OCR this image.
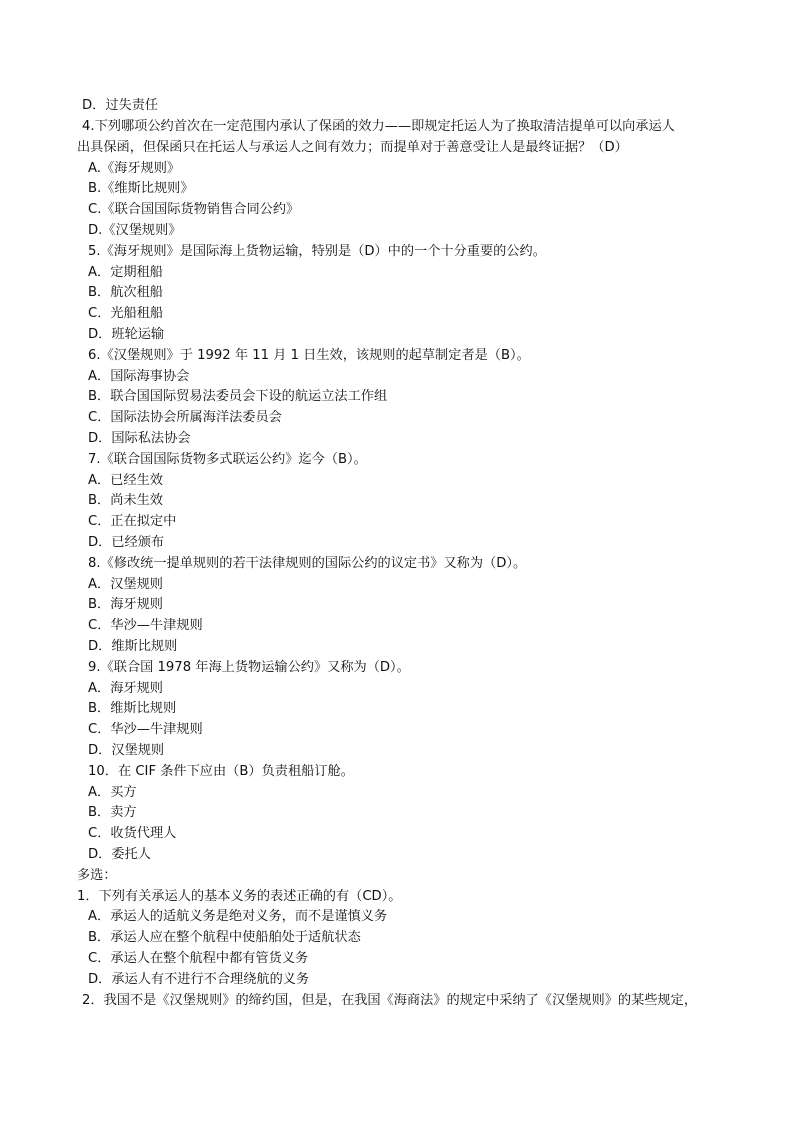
D．过失责任
4.下列哪项公约首次在一定范围内承认了保函的效力——即规定托运人为了换取清洁提单可以向承运人
出具保函，但保函只在托运人与承运人之间有效力；而提单对于善意受让人是最终证据？（D）
A.《海牙规则》
B.《维斯比规则》
C.《联合国国际货物销售合同公约》
D.《汉堡规则》
5.《海牙规则》是国际海上货物运输，特别是（D）中的一个十分重要的公约。
A．定期租船
B．航次租船
C．光船租船
D．班轮运输
6.《汉堡规则》于 1992 年 11 月 1 日生效，该规则的起草制定者是（B）。
A．国际海事协会
B．联合国国际贸易法委员会下设的航运立法工作组
C．国际法协会所属海洋法委员会
D．国际私法协会
7.《联合国国际货物多式联运公约》迄今（B）。
A．已经生效
B．尚未生效
C．正在拟定中
D．已经颁布
8.《修改统一提单规则的若干法律规则的国际公约的议定书》又称为（D）。
A．汉堡规则
B．海牙规则
C．华沙—牛津规则
D．维斯比规则
9.《联合国 1978 年海上货物运输公约》又称为（D）。
A．海牙规则
B．维斯比规则
C．华沙—牛津规则
D．汉堡规则
10．在 CIF 条件下应由（B）负责租船订舱。
A．买方
B．卖方
C．收货代理人
D．委托人
多选：
1．下列有关承运人的基本义务的表述正确的有（CD）。
A．承运人的适航义务是绝对义务，而不是谨慎义务
B．承运人应在整个航程中使船舶处于适航状态
C．承运人在整个航程中都有管货义务
D．承运人有不进行不合理绕航的义务
2．我国不是《汉堡规则》的缔约国，但是，在我国《海商法》的规定中采纳了《汉堡规则》的某些规定，
